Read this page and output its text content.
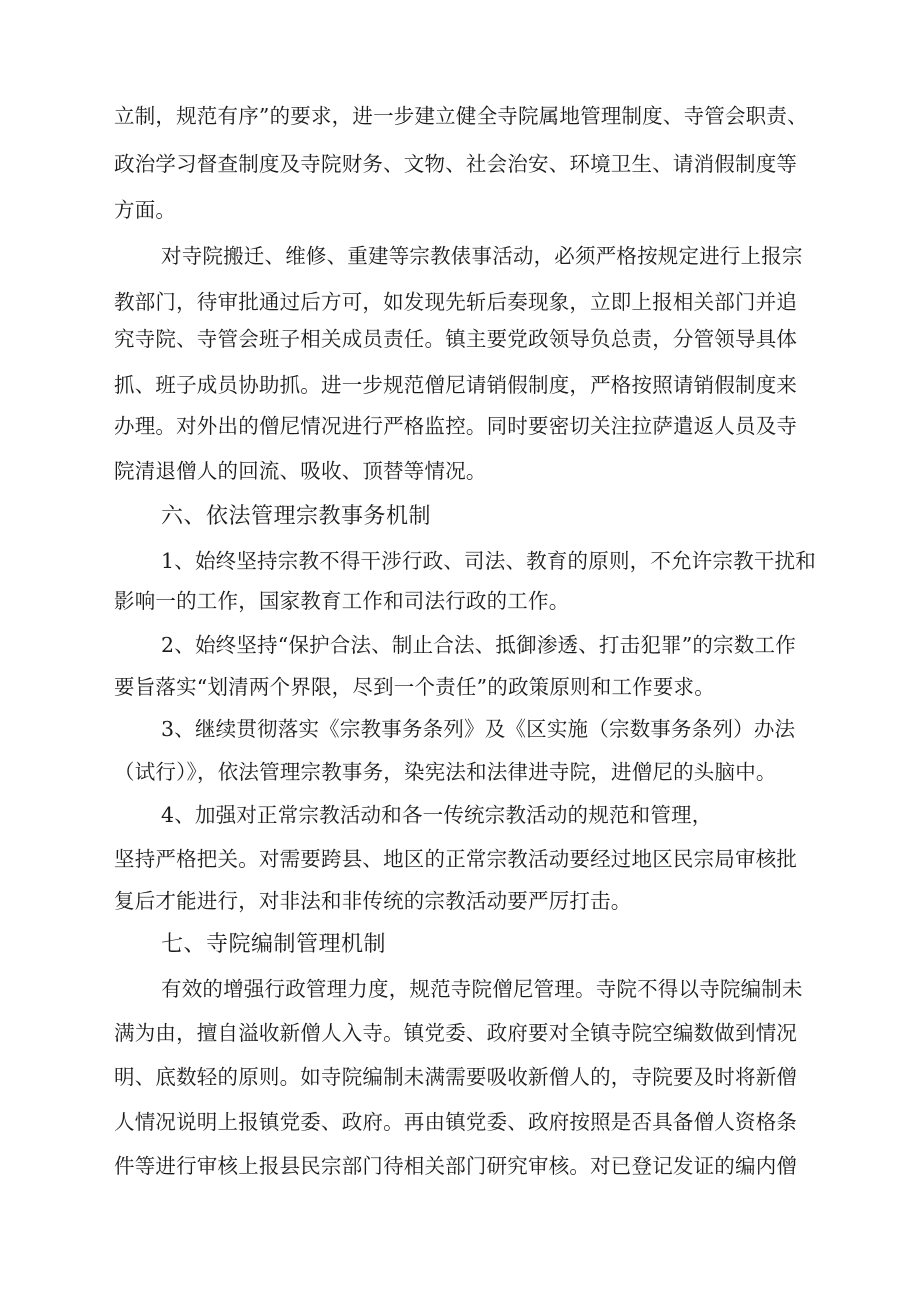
立制，规范有序”的要求，进一步建立健全寺院属地管理制度、寺管会职责、
政治学习督查制度及寺院财务、文物、社会治安、环境卫生、请消假制度等
方面。
对寺院搬迁、维修、重建等宗教俵事活动，必须严格按规定进行上报宗
教部门，待审批通过后方可，如发现先斩后奏现象，立即上报相关部门并追
究寺院、寺管会班子相关成员责任。镇主要党政领导负总责，分管领导具体
抓、班子成员协助抓。进一步规范僧尼请销假制度，严格按照请销假制度来
办理。对外出的僧尼情况进行严格监控。同时要密切关注拉萨遣返人员及寺
院清退僧人的回流、吸收、顶替等情况。
六、依法管理宗教事务机制
1、始终坚持宗教不得干涉行政、司法、教育的原则，不允许宗教干扰和
影响一的工作，国家教育工作和司法行政的工作。
2、始终坚持“保护合法、制止合法、抵御渗透、打击犯罪”的宗数工作
要旨落实“划清两个界限，尽到一个责任”的政策原则和工作要求。
3、继续贯彻落实《宗教事务条列》及《区实施（宗数事务条列）办法
（试行）》，依法管理宗教事务，染宪法和法律进寺院，进僧尼的头脑中。
4、加强对正常宗教活动和各一传统宗教活动的规范和管理，
坚持严格把关。对需要跨县、地区的正常宗教活动要经过地区民宗局审核批
复后才能进行，对非法和非传统的宗教活动要严厉打击。
七、寺院编制管理机制
有效的增强行政管理力度，规范寺院僧尼管理。寺院不得以寺院编制未
满为由，擅自溢收新僧人入寺。镇党委、政府要对全镇寺院空编数做到情况
明、底数轻的原则。如寺院编制未满需要吸收新僧人的，寺院要及时将新僧
人情况说明上报镇党委、政府。再由镇党委、政府按照是否具备僧人资格条
件等进行审核上报县民宗部门待相关部门研究审核。对已登记发证的编内僧
